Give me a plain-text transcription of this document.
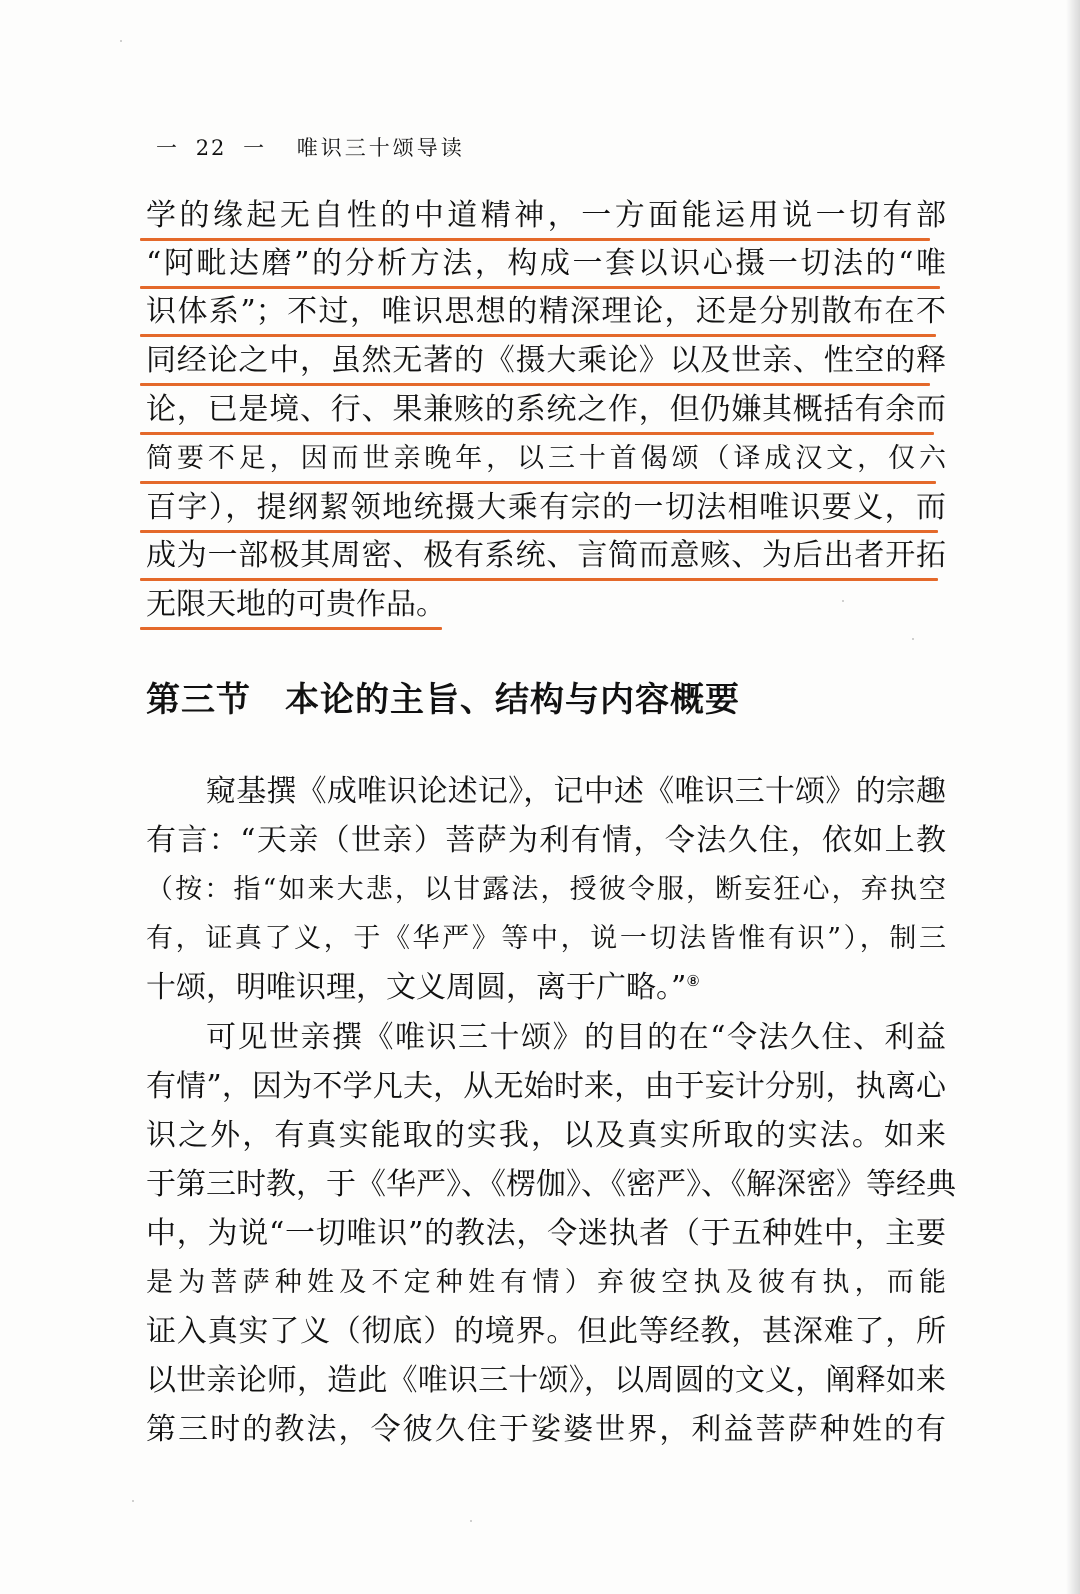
一 22 一 唯识三十颂导读
学的缘起无自性的中道精神，一方面能运用说一切有部
“阿毗达磨”的分析方法，构成一套以识心摄一切法的“唯
识体系”；不过，唯识思想的精深理论，还是分别散布在不
同经论之中，虽然无著的《摄大乘论》以及世亲、性空的释
论，已是境、行、果兼赅的系统之作，但仍嫌其概括有余而
简要不足，因而世亲晚年，以三十首偈颂（译成汉文，仅六
百字），提纲絜领地统摄大乘有宗的一切法相唯识要义，而
成为一部极其周密、极有系统、言简而意赅、为后出者开拓
无限天地的可贵作品。
第三节 本论的主旨、结构与内容概要
窥基撰《成唯识论述记》，记中述《唯识三十颂》的宗趣
有言：“天亲（世亲）菩萨为利有情，令法久住，依如上教
（按：指“如来大悲，以甘露法，授彼令服，断妄狂心，弃执空
有，证真了义，于《华严》等中，说一切法皆惟有识”），制三
十颂，明唯识理，文义周圆，离于广略。”⑧
可见世亲撰《唯识三十颂》的目的在“令法久住、利益
有情”，因为不学凡夫，从无始时来，由于妄计分别，执离心
识之外，有真实能取的实我，以及真实所取的实法。如来
于第三时教，于《华严》、《楞伽》、《密严》、《解深密》等经典
中，为说“一切唯识”的教法，令迷执者（于五种姓中，主要
是为菩萨种姓及不定种姓有情）弃彼空执及彼有执，而能
证入真实了义（彻底）的境界。但此等经教，甚深难了，所
以世亲论师，造此《唯识三十颂》，以周圆的文义，阐释如来
第三时的教法，令彼久住于娑婆世界，利益菩萨种姓的有
